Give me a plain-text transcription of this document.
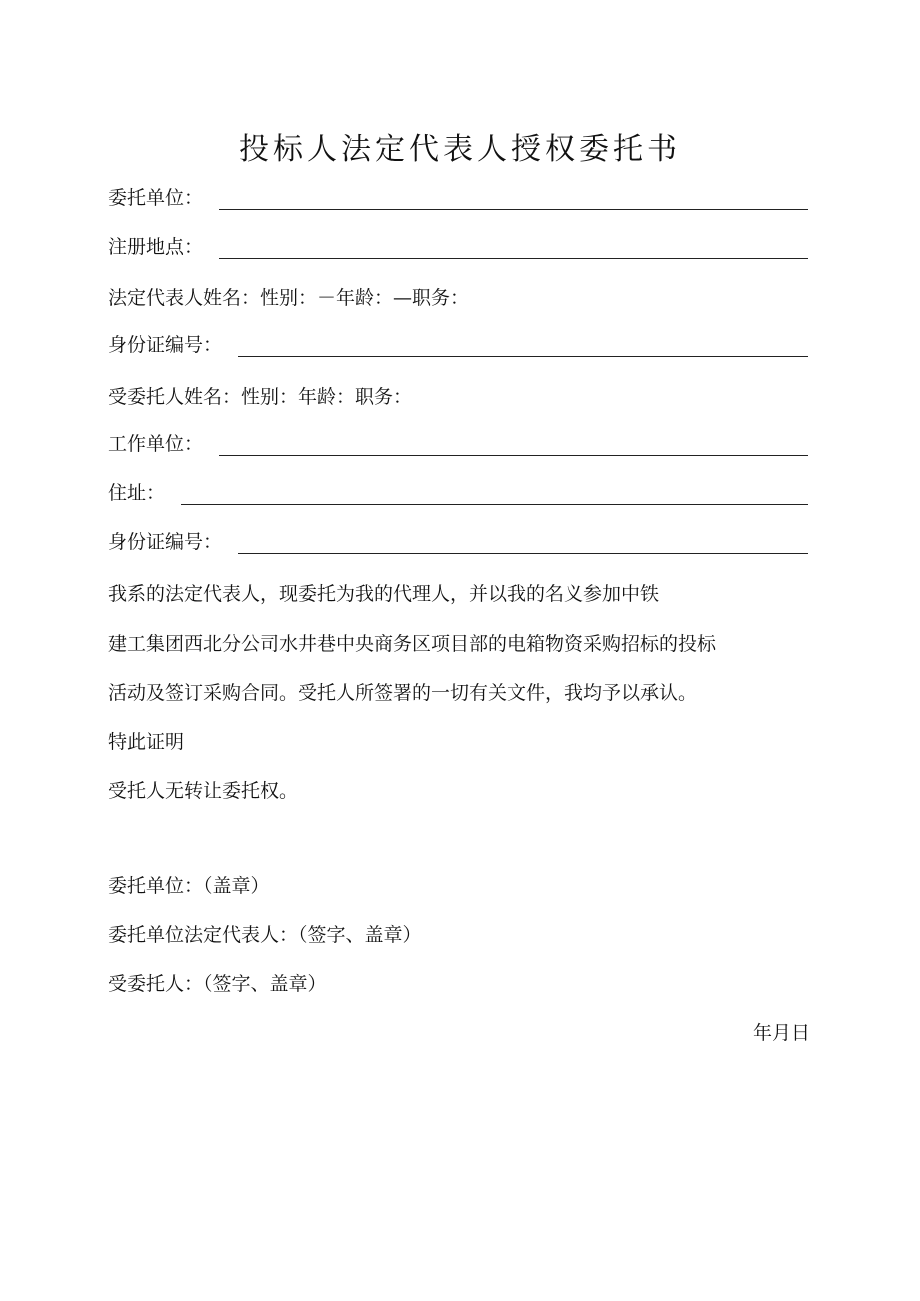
投标人法定代表人授权委托书
委托单位：
注册地点：
法定代表人姓名：性别：－年龄：—职务：
身份证编号：
受委托人姓名：性别：年龄：职务：
工作单位：
住址：
身份证编号：
我系的法定代表人，现委托为我的代理人，并以我的名义参加中铁
建工集团西北分公司水井巷中央商务区项目部的电箱物资采购招标的投标
活动及签订采购合同。受托人所签署的一切有关文件，我均予以承认。
特此证明
受托人无转让委托权。
委托单位：（盖章）
委托单位法定代表人：（签字、盖章）
受委托人：（签字、盖章）
年月日
